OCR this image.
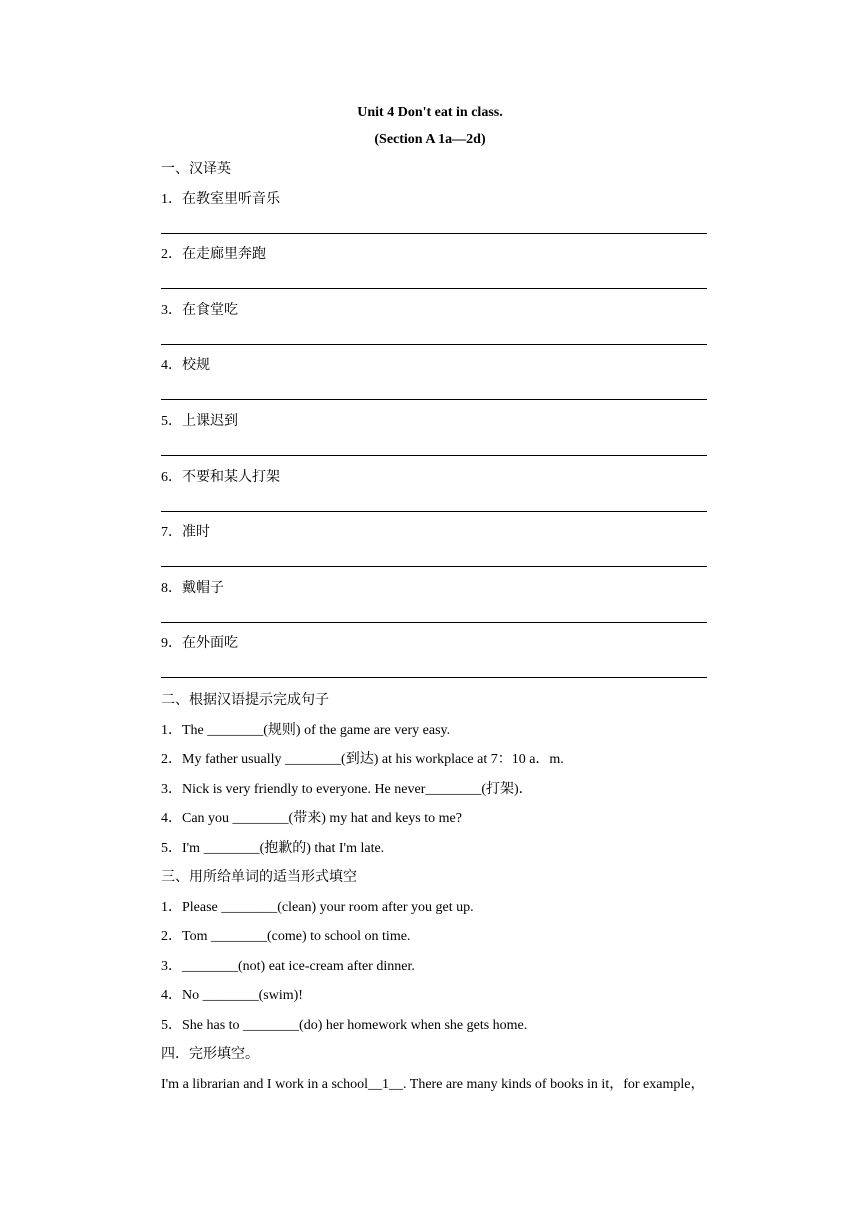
Unit 4 Don't eat in class.
(Section A 1a—2d)
一、汉译英
1．在教室里听音乐
2．在走廊里奔跑
3．在食堂吃
4．校规
5．上课迟到
6．不要和某人打架
7．准时
8．戴帽子
9．在外面吃
二、根据汉语提示完成句子
1．The ________(规则) of the game are very easy.
2．My father usually ________(到达) at his workplace at 7：10 a．m.
3．Nick is very friendly to everyone. He never________(打架)．
4．Can you ________(带来) my hat and keys to me?
5．I'm ________(抱歉的) that I'm late.
三、用所给单词的适当形式填空
1．Please ________(clean) your room after you get up.
2．Tom ________(come) to school on time.
3．________(not) eat ice-cream after dinner.
4．No ________(swim)!
5．She has to ________(do) her homework when she gets home.
四．完形填空。
I'm a librarian and I work in a school__1__. There are many kinds of books in it，for example，
